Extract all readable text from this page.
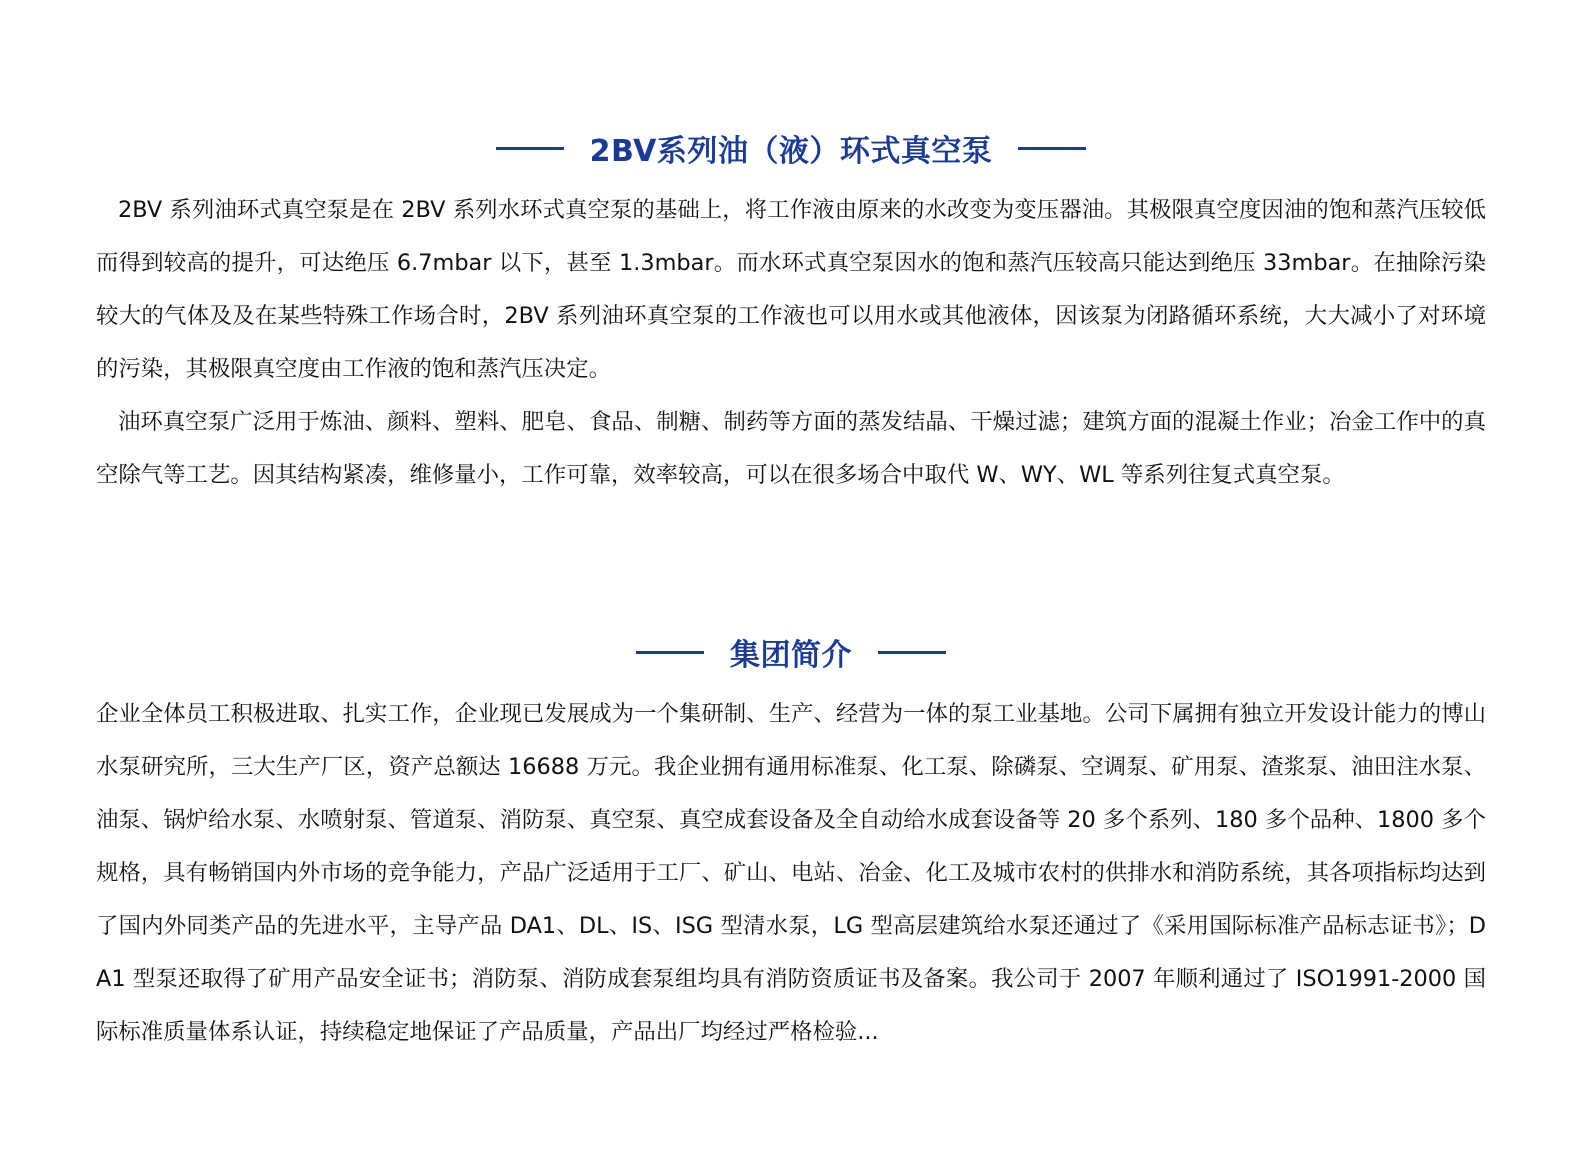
2BV系列油（液）环式真空泵

2BV 系列油环式真空泵是在 2BV 系列水环式真空泵的基础上，将工作液由原来的水改变为变压器油。其极限真空度因油的饱和蒸汽压较低而得到较高的提升，可达绝压 6.7mbar 以下，甚至 1.3mbar。而水环式真空泵因水的饱和蒸汽压较高只能达到绝压 33mbar。在抽除污染较大的气体及及在某些特殊工作场合时，2BV 系列油环真空泵的工作液也可以用水或其他液体，因该泵为闭路循环系统，大大减小了对环境的污染，其极限真空度由工作液的饱和蒸汽压决定。

油环真空泵广泛用于炼油、颜料、塑料、肥皂、食品、制糖、制药等方面的蒸发结晶、干燥过滤；建筑方面的混凝土作业；冶金工作中的真空除气等工艺。因其结构紧凑，维修量小，工作可靠，效率较高，可以在很多场合中取代 W、WY、WL 等系列往复式真空泵。

集团简介

企业全体员工积极进取、扎实工作，企业现已发展成为一个集研制、生产、经营为一体的泵工业基地。公司下属拥有独立开发设计能力的博山水泵研究所，三大生产厂区，资产总额达 16688 万元。我企业拥有通用标准泵、化工泵、除磷泵、空调泵、矿用泵、渣浆泵、油田注水泵、油泵、锅炉给水泵、水喷射泵、管道泵、消防泵、真空泵、真空成套设备及全自动给水成套设备等 20 多个系列、180 多个品种、1800 多个规格，具有畅销国内外市场的竞争能力，产品广泛适用于工厂、矿山、电站、冶金、化工及城市农村的供排水和消防系统，其各项指标均达到了国内外同类产品的先进水平，主导产品 DA1、DL、IS、ISG 型清水泵，LG 型高层建筑给水泵还通过了《采用国际标准产品标志证书》；DA1 型泵还取得了矿用产品安全证书；消防泵、消防成套泵组均具有消防资质证书及备案。我公司于 2007 年顺利通过了 ISO1991-2000 国际标准质量体系认证，持续稳定地保证了产品质量，产品出厂均经过严格检验...
